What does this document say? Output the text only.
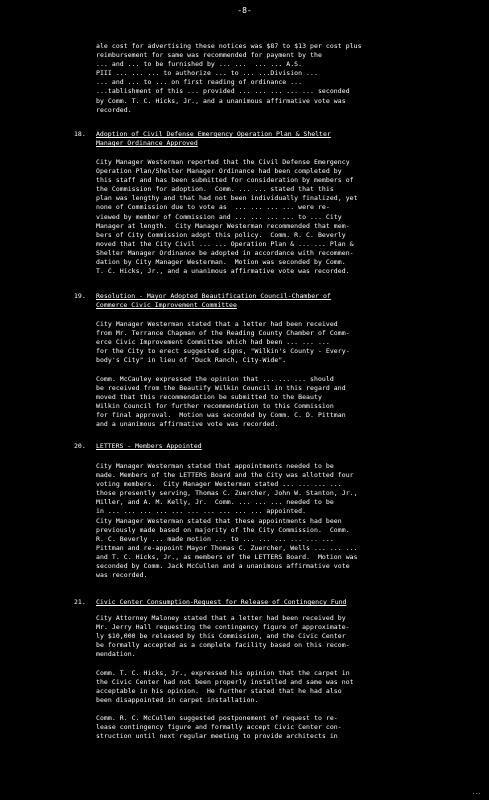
-8-
ale cost for advertising these notices was $87 to $13 per cost plus
reimbursement for same was recommended for payment by the
... and ... to be furnished by ... ...  ... ... A.S.
PIII ... ... ... to authorize ... to ... ...Division ...
... and ... to ... on first reading of ordinance ...
...tablishment of this ... provided ... ... ... ... ... seconded
by Comm. T. C. Hicks, Jr., and a unanimous affirmative vote was
recorded.
18. Adoption of Civil Defense Emergency Operation Plan & Shelter
Manager Ordinance Approved
City Manager Westerman reported that the Civil Defense Emergency
Operation Plan/Shelter Manager Ordinance had been completed by
this staff and has been submitted for consideration by members of
the Commission for adoption.  Comm. ... ... stated that this
plan was lengthy and that had not been individually finalized, yet
none of Commission due to vote as  ... ... ... ... were re-
viewed by member of Commission and ... ... ... ... to ... City
Manager at length.  City Manager Westerman recommended that mem-
bers of City Commission adopt this policy.  Comm. R. C. Beverly
moved that the City Civil ... ... Operation Plan & ... ... Plan &
Shelter Manager Ordinance be adopted in accordance with recommen-
dation by City Manager Westerman.  Motion was seconded by Comm.
T. C. Hicks, Jr., and a unanimous affirmative vote was recorded.
19. Resolution - Mayor Adopted Beautification Council-Chamber of
Commerce Civic Improvement Committee
City Manager Westerman stated that a letter had been received
from Mr. Terrance Chapman of the Reading County Chamber of Comm-
erce Civic Improvement Committee which had been ... ... ...
for the City to erect suggested signs, "Wilkin's County - Every-
body's City" in lieu of "Duck Ranch, City-Wide".

Comm. McCauley expressed the opinion that ... ... ... should
be received from the Beautify Wilkin Council in this regard and
moved that this recommendation be submitted to the Beauty
Wilkin Council for further recommendation to this Commission
for final approval.  Motion was seconded by Comm. C. D. Pittman
and a unanimous affirmative vote was recorded.
20. LETTERS - Members Appointed
City Manager Westerman stated that appointments needed to be
made. Members of the LETTERS Board and the City was allotted four
voting members.  City Manager Westerman stated ... ... ... ...
those presently serving, Thomas C. Zuercher, John W. Stanton, Jr.,
Miller, and A. M. Kelly, Jr.  Comm. ... ... ... needed to be
in ... ... ... ... ... ... ... ... ... ... appointed.
City Manager Westerman stated that these appointments had been
previously made based on majority of the City Commission.  Comm.
R. C. Beverly ... made motion ... to ... ... ... ... ... ...
Pittman and re-appoint Mayor Thomas C. Zuercher, Wells ... ... ...
and T. C. Hicks, Jr., as members of the LETTERS Board.  Motion was
seconded by Comm. Jack McCullen and a unanimous affirmative vote
was recorded.
21. Civic Center Consumption-Request for Release of Contingency Fund
City Attorney Maloney stated that a letter had been received by
Mr. Jerry Hall requesting the contingency figure of approximate-
ly $10,000 be released by this Commission, and the Civic Center
be formally accepted as a complete facility based on this recom-
mendation.

Comm. T. C. Hicks, Jr., expressed his opinion that the carpet in
the Civic Center had not been properly installed and same was not
acceptable in his opinion.  He further stated that he had also
been disappointed in carpet installation.

Comm. R. C. McCullen suggested postponement of request to re-
lease contingency figure and formally accept Civic Center con-
struction until next regular meeting to provide architects in
...
